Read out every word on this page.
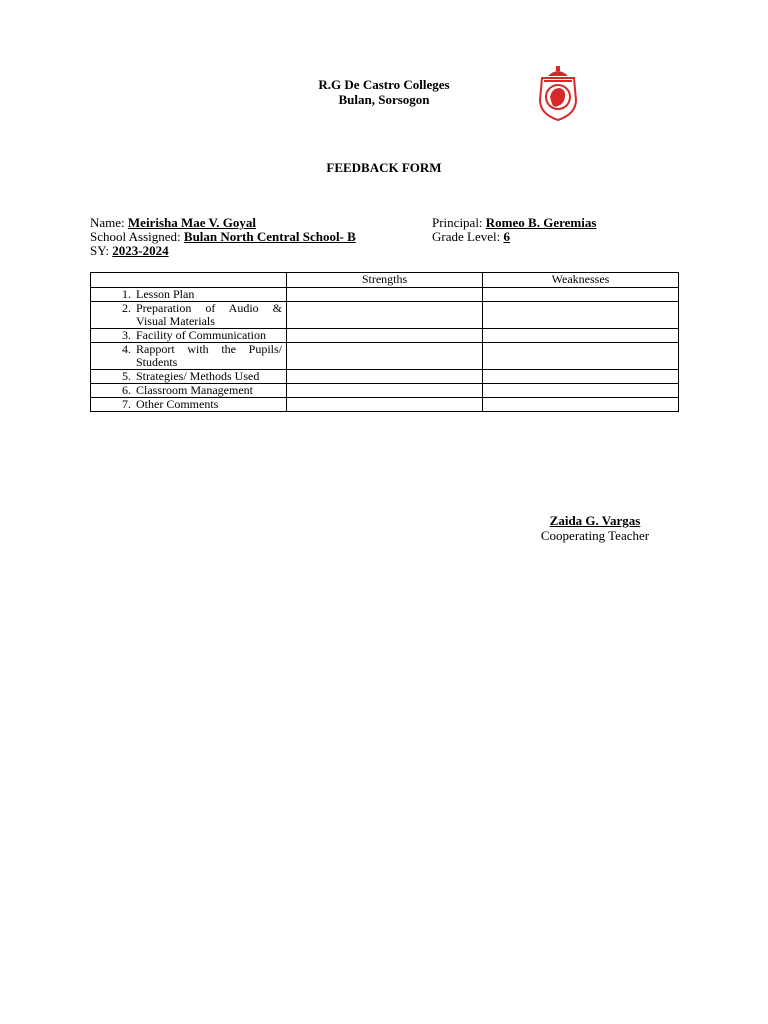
R.G De Castro Colleges
Bulan, Sorsogon
FEEDBACK FORM
Name: Meirisha Mae V. Goyal	Principal: Romeo B. Geremias
School Assigned: Bulan North Central School- B	Grade Level: 6
SY: 2023-2024
	Strengths	Weaknesses

1. Lesson Plan		

2. Preparation of Audio & Visual Materials		

3. Facility of Communication		

4. Rapport with the Pupils/ Students		

5. Strategies/ Methods Used		

6. Classroom Management		

7. Other Comments		

Zaida G. Vargas
Cooperating Teacher
